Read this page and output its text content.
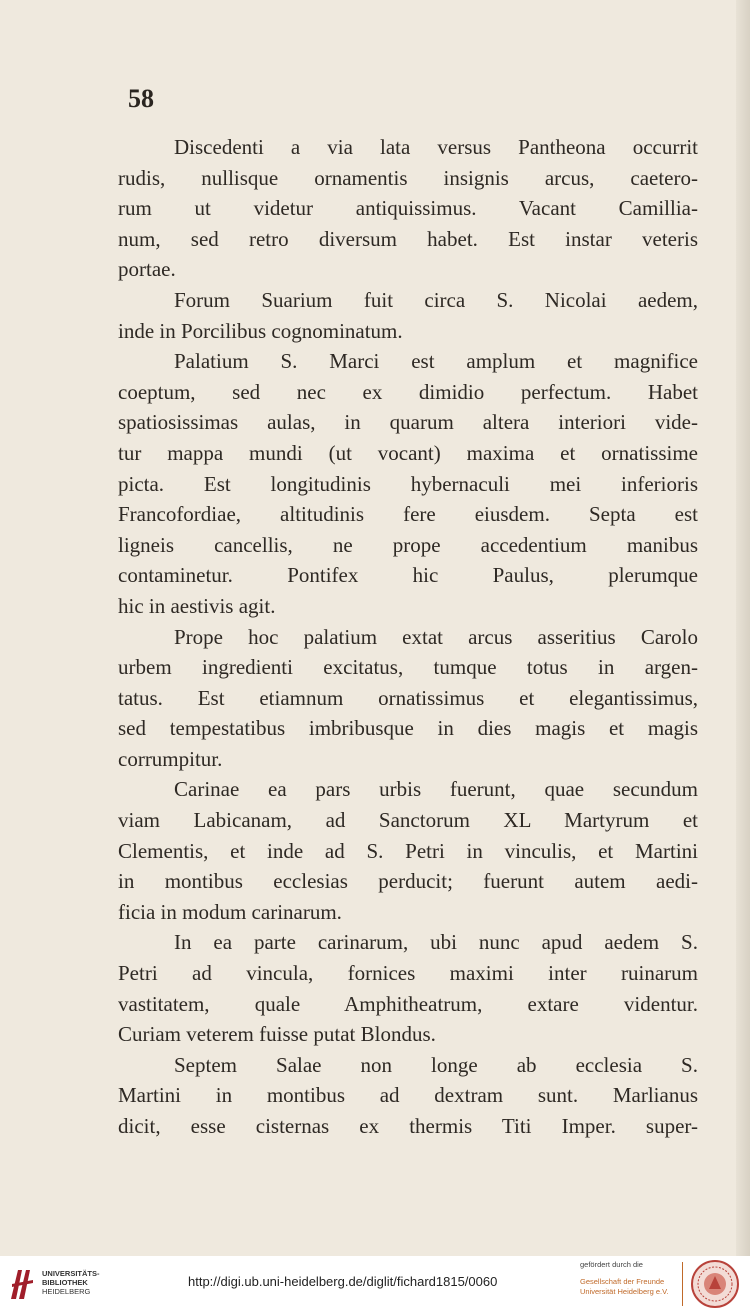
58

Discedenti a via lata versus Pantheona occurrit
rudis, nullisque ornamentis insignis arcus, caetero-
rum ut videtur antiquissimus. Vacant Camillia-
num, sed retro diversum habet. Est instar veteris
portae.
Forum Suarium fuit circa S. Nicolai aedem,
inde in Porcilibus cognominatum.
Palatium S. Marci est amplum et magnifice
coeptum, sed nec ex dimidio perfectum. Habet
spatiosissimas aulas, in quarum altera interiori vide-
tur mappa mundi (ut vocant) maxima et ornatissime
picta. Est longitudinis hybernaculi mei inferioris
Francofordiae, altitudinis fere eiusdem. Septa est
ligneis cancellis, ne prope accedentium manibus
contaminetur. Pontifex hic Paulus, plerumque
hic in aestivis agit.
Prope hoc palatium extat arcus asseritius Carolo
urbem ingredienti excitatus, tumque totus in argen-
tatus. Est etiamnum ornatissimus et elegantissimus,
sed tempestatibus imbribusque in dies magis et magis
corrumpitur.
Carinae ea pars urbis fuerunt, quae secundum
viam Labicanam, ad Sanctorum XL Martyrum et
Clementis, et inde ad S. Petri in vinculis, et Martini
in montibus ecclesias perducit; fuerunt autem aedi-
ficia in modum carinarum.
In ea parte carinarum, ubi nunc apud aedem S.
Petri ad vincula, fornices maximi inter ruinarum
vastitatem, quale Amphitheatrum, extare videntur.
Curiam veterem fuisse putat Blondus.
Septem Salae non longe ab ecclesia S.
Martini in montibus ad dextram sunt. Marlianus
dicit, esse cisternas ex thermis Titi Imper. super-
UNIVERSITÄTS-
BIBLIOTHEK
HEIDELBERG
http://digi.ub.uni-heidelberg.de/diglit/fichard1815/0060
gefördert durch die
Gesellschaft der Freunde
Universität Heidelberg e.V.
